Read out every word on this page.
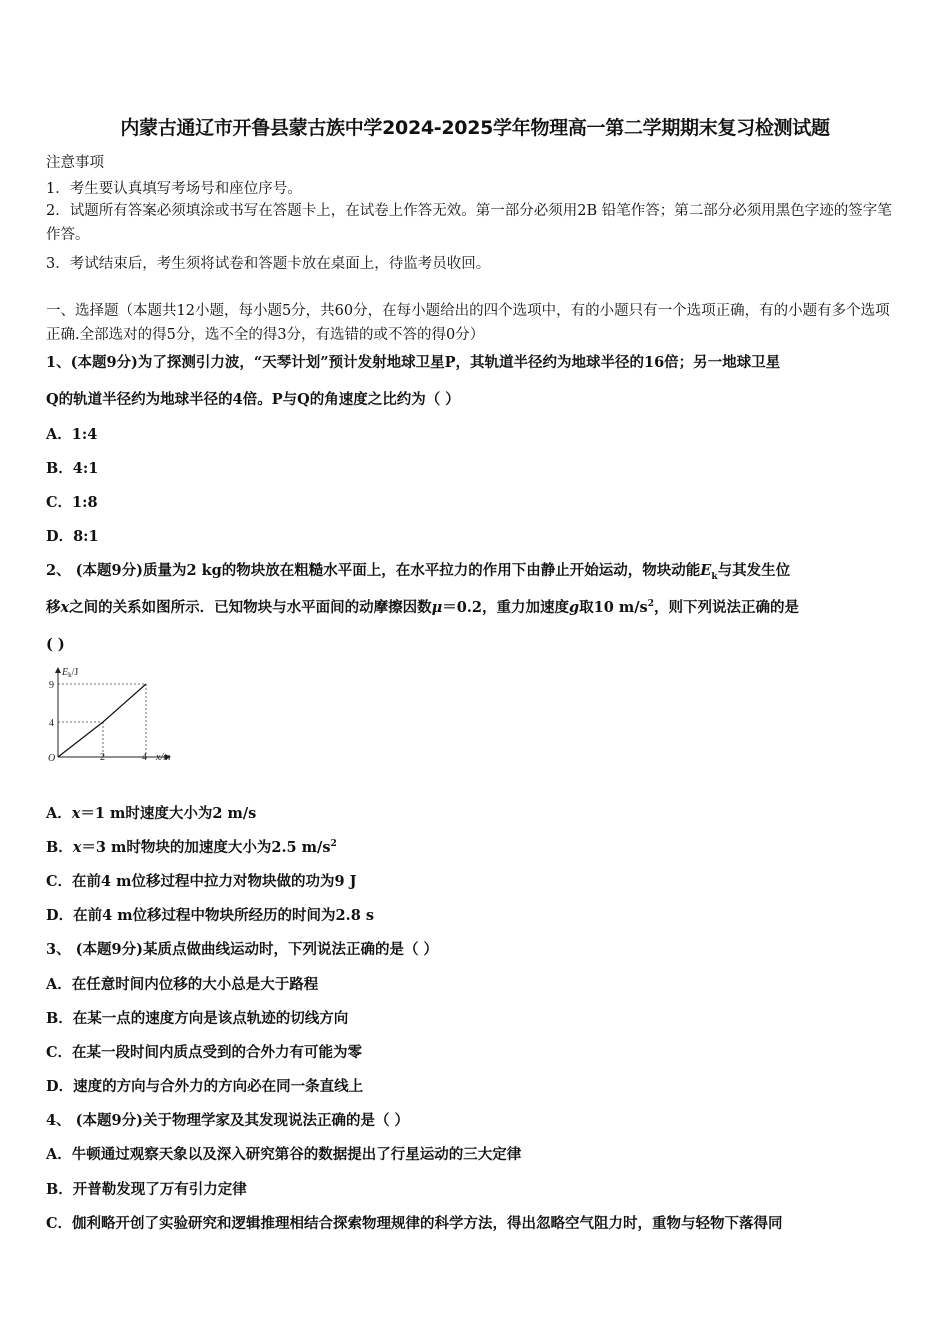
内蒙古通辽市开鲁县蒙古族中学2024-2025学年物理高一第二学期期末复习检测试题
注意事项
1．考生要认真填写考场号和座位序号。
2．试题所有答案必须填涂或书写在答题卡上，在试卷上作答无效。第一部分必须用2B 铅笔作答；第二部分必须用黑色字迹的签字笔作答。
3．考试结束后，考生须将试卷和答题卡放在桌面上，待监考员收回。
一、选择题（本题共12小题，每小题5分，共60分，在每小题给出的四个选项中，有的小题只有一个选项正确，有的小题有多个选项正确.全部选对的得5分，选不全的得3分，有选错的或不答的得0分）
1、(本题9分)为了探测引力波，“天琴计划”预计发射地球卫星P，其轨道半径约为地球半径的16倍；另一地球卫星
Q的轨道半径约为地球半径的4倍。P与Q的角速度之比约为（ ）
A．1:4
B．4:1
C．1:8
D．8:1
2、 (本题9分)质量为2 kg的物块放在粗糙水平面上，在水平拉力的作用下由静止开始运动，物块动能$E_k$与其发生位
移x之间的关系如图所示．已知物块与水平面间的动摩擦因数μ＝0.2，重力加速度g取10 $m/s^2$，则下列说法正确的是
( )
$E_k/J$
9
4
O	2	4 x/m
A．x＝1 m时速度大小为2 m/s
B．x＝3 m时物块的加速度大小为2.5 $m/s^2$
C．在前4 m位移过程中拉力对物块做的功为9 J
D．在前4 m位移过程中物块所经历的时间为2.8 s
3、 (本题9分)某质点做曲线运动时，下列说法正确的是（ ）
A．在任意时间内位移的大小总是大于路程
B．在某一点的速度方向是该点轨迹的切线方向
C．在某一段时间内质点受到的合外力有可能为零
D．速度的方向与合外力的方向必在同一条直线上
4、 (本题9分)关于物理学家及其发现说法正确的是（ ）
A．牛顿通过观察天象以及深入研究第谷的数据提出了行星运动的三大定律
B．开普勒发现了万有引力定律
C．伽利略开创了实验研究和逻辑推理相结合探索物理规律的科学方法，得出忽略空气阻力时，重物与轻物下落得同
